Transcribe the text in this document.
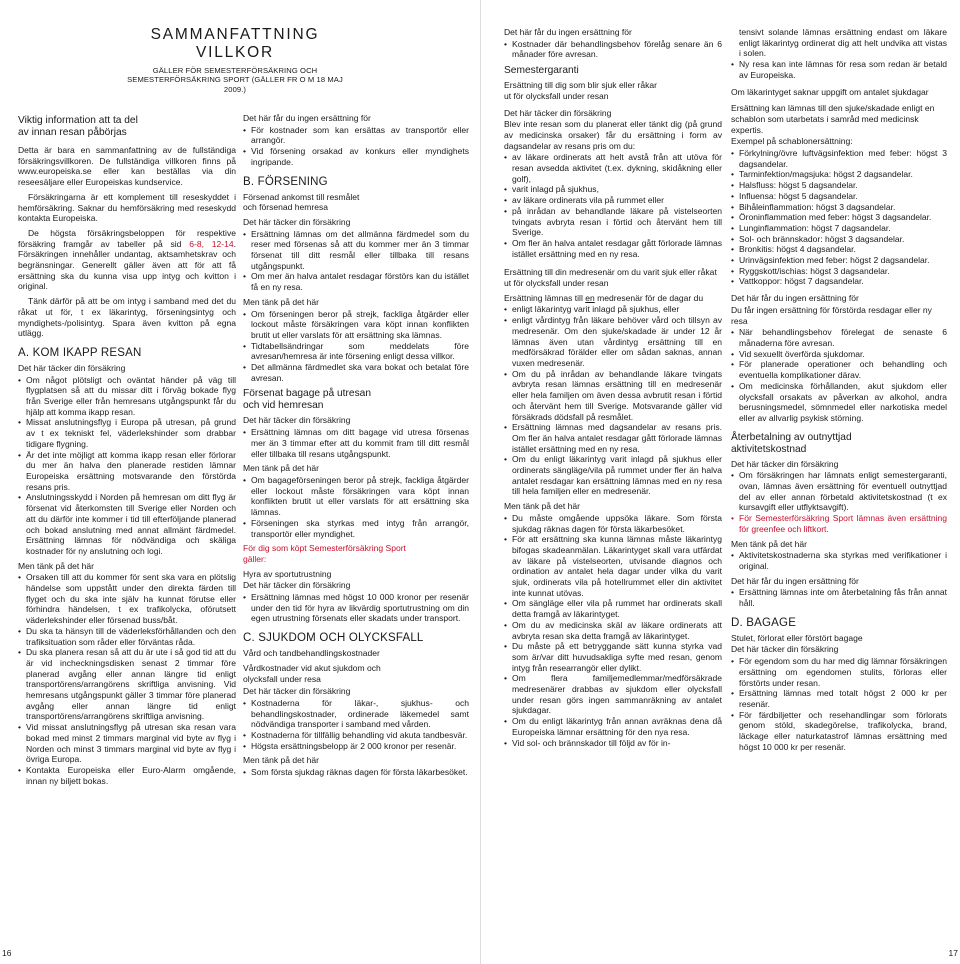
SAMMANFATTNING VILLKOR
GÄLLER FÖR SEMESTERFÖRSÄKRING OCH
SEMESTERFÖRSÄKRING SPORT (GÄLLER FR O M 18 MAJ 2009.)
Viktig information att ta del
av innan resan påbörjas

Detta är bara en sammanfattning av de fullständiga försäkringsvillkoren. De fullständiga villkoren finns på www.europeiska.se eller kan beställas via din reseesäljare eller Europeiskas kundservice.

Försäkringarna är ett komplement till reseskyddet i hemförsäkring. Saknar du hemförsäkring med reseskydd kontakta Europeiska.

De högsta försäkringsbeloppen för respektive försäkring framgår av tabeller på sid 6-8, 12-14. Försäkringen innehåller undantag, aktsamhetskrav och begränsningar. Generellt gäller även att för att få ersättning ska du kunna visa upp intyg och kvitton i original.

Tänk därför på att be om intyg i samband med det du råkat ut för, t ex läkarintyg, förseningsintyg och myndighets-/polisintyg. Spara även kvitton på egna utlägg.

A. KOM IKAPP RESAN

Det här täcker din försäkring

• Om något plötsligt och oväntat händer på väg till flygplatsen så att du missar ditt i förväg bokade flyg från Sverige eller från hemresans utgångspunkt får du hjälp att komma ikapp resan.
• Missat anslutningsflyg i Europa på utresan, på grund av t ex tekniskt fel, väderlekshinder som drabbar tidigare flygning.
• Är det inte möjligt att komma ikapp resan eller förlorar du mer än halva den planerade restiden lämnar Europeiska ersättning motsvarande den förstörda resans pris.
• Anslutningsskydd i Norden på hemresan om ditt flyg är försenat vid återkomsten till Sverige eller Norden och att du därför inte kommer i tid till efterföljande planerad och bokad anslutning med annat allmänt färdmedel. Ersättning lämnas för nödvändiga och skäliga kostnader för ny anslutning och logi.

Men tänk på det här

• Orsaken till att du kommer för sent ska vara en plötslig händelse som uppstått under den direkta färden till flyget och du ska inte själv ha kunnat förutse eller förhindra händelsen, t ex trafikolycka, oförutsett väderlekshinder eller försenad buss/båt.
• Du ska ta hänsyn till de väderleksförhållanden och den trafiksituation som råder eller förväntas råda.
• Du ska planera resan så att du är ute i så god tid att du är vid incheckningsdisken senast 2 timmar före planerad avgång eller annan längre tid enligt transportörens/arrangörens skriftliga anvisning. Vid hemresans utgångspunkt gäller 3 timmar före planerad avgång eller annan längre tid enligt transportörens/arrangörens skriftliga anvisning.
• Vid missat anslutningsflyg på utresan ska resan vara bokad med minst 2 timmars marginal vid byte av flyg i Norden och minst 3 timmars marginal vid byte av flyg i övriga Europa.
• Kontakta Europeiska eller Euro-Alarm omgående, innan ny biljett bokas.

Det här får du ingen ersättning för

• För kostnader som kan ersättas av transportör eller arrangör.
• Vid försening orsakad av konkurs eller myndighets ingripande.
B. FÖRSENING

Försenad ankomst till resmålet

och försenad hemresa

Det här täcker din försäkring

• Ersättning lämnas om det allmänna färdmedel som du reser med försenas så att du kommer mer än 3 timmar försenat till ditt resmål eller tillbaka till resans utgångspunkt.
• Om mer än halva antalet resdagar förstörs kan du istället få en ny resa.

Men tänk på det här

• Om förseningen beror på strejk, fackliga åtgärder eller lockout måste försäkringen vara köpt innan konflikten brutit ut eller varslats för att ersättning ska lämnas.
• Tidtabellsändringar som meddelats före avresan/hemresa är inte försening enligt dessa villkor.
• Det allmänna färdmedlet ska vara bokat och betalat före avresan.
Försenat bagage på utresan
och vid hemresan

Det här täcker din försäkring

• Ersättning lämnas om ditt bagage vid utresa försenas mer än 3 timmar efter att du kommit fram till ditt resmål eller tillbaka till resans utgångspunkt.

Men tänk på det här

• Om bagageförseningen beror på strejk, fackliga åtgärder eller lockout måste försäkringen vara köpt innan konflikten brutit ut eller varslats för att ersättning ska lämnas.
• Förseningen ska styrkas med intyg från arrangör, transportör eller myndighet.

För dig som köpt Semesterförsäkring Sport

gäller:

Hyra av sportutrustning

Det här täcker din försäkring

• Ersättning lämnas med högst 10 000 kronor per resenär under den tid för hyra av likvärdig sportutrustning om din egen utrustning försenats eller skadats under transport.
C. SJUKDOM OCH OLYCKSFALL

Vård och tandbehandlingskostnader

Vårdkostnader vid akut sjukdom och

olycksfall under resa

Det här täcker din försäkring

• Kostnaderna för läkar-, sjukhus- och behandlingskostnader, ordinerade läkemedel samt nödvändiga transporter i samband med vården.
• Kostnaderna för tillfällig behandling vid akuta tandbesvär.
• Högsta ersättningsbelopp är 2 000 kronor per resenär.

Men tänk på det här

• Som första sjukdag räknas dagen för första läkarbesöket.

Det här får du ingen ersättning för

• Kostnader där behandlingsbehov förelåg senare än 6 månader före avresan.
Semestergaranti

Ersättning till dig som blir sjuk eller råkar

ut för olycksfall under resan

Det här täcker din försäkring

Blev inte resan som du planerat eller tänkt dig (på grund av medicinska orsaker) får du ersättning i form av dagsandelar av resans pris om du:

• av läkare ordinerats att helt avstå från att utöva för resan avsedda aktivitet (t.ex. dykning, skidåkning eller golf),
• varit inlagd på sjukhus,
• av läkare ordinerats vila på rummet eller
• på inrådan av behandlande läkare på vistelseorten tvingats avbryta resan i förtid och återvänt hem till Sverige.
• Om fler än halva antalet resdagar gått förlorade lämnas istället ersättning med en ny resa.

Ersättning till din medresenär om du varit sjuk eller råkat ut för olycksfall under resan

Ersättning lämnas till en medresenär för de dagar du

• enligt läkarintyg varit inlagd på sjukhus, eller
• enligt vårdintyg från läkare behöver vård och tillsyn av medresenär. Om den sjuke/skadade är under 12 år lämnas även utan vårdintyg ersättning till en medförsäkrad förälder eller om sådan saknas, annan vuxen medresenär.
• Om du på inrådan av behandlande läkare tvingats avbryta resan lämnas ersättning till en medresenär eller hela familjen om även dessa avbrutit resan i förtid och återvänt hem till Sverige. Motsvarande gäller vid försäkrads dödsfall på resmålet.
• Ersättning lämnas med dagsandelar av resans pris. Om fler än halva antalet resdagar gått förlorade lämnas istället ersättning med en ny resa.
• Om du enligt läkarintyg varit inlagd på sjukhus eller ordinerats sängläge/vila på rummet under fler än halva antalet resdagar kan ersättning lämnas med en ny resa till hela familjen eller en medresenär.

Men tänk på det här

• Du måste omgående uppsöka läkare. Som första sjukdag räknas dagen för första läkarbesöket.
• För att ersättning ska kunna lämnas måste läkarintyg bifogas skadeanmälan. Läkarintyget skall vara utfärdat av läkare på vistelseorten, utvisande diagnos och ordination av antalet hela dagar under vilka du varit sjuk, ordinerats vila på hotellrummet eller din aktivitet inte kunnat utövas.
• Om sängläge eller vila på rummet har ordinerats skall detta framgå av läkarintyget.
• Om du av medicinska skäl av läkare ordinerats att avbryta resan ska detta framgå av läkarintyget.
• Du måste på ett betryggande sätt kunna styrka vad som är/var ditt huvudsakliga syfte med resan, genom intyg från researrangör eller dylikt.
• Om flera familjemedlemmar/medförsäkrade medresenärer drabbas av sjukdom eller olycksfall under resan görs ingen sammanräkning av antalet sjukdagar.
• Om du enligt läkarintyg från annan avräknas dena då Europeiska lämnar ersättning för den nya resa.
• Vid sol- och brännskador till följd av för in-

tensivt solande lämnas ersättning endast om läkare enligt läkarintyg ordinerat dig att helt undvika att vistas i solen.

• Ny resa kan inte lämnas för resa som redan är betald av Europeiska.

Om läkarintyget saknar uppgift om antalet sjukdagar

Ersättning kan lämnas till den sjuke/skadade enligt en schablon som utarbetats i samråd med medicinsk expertis.

Exempel på schablonersättning:

• Förkylning/övre luftvägsinfektion med feber: högst 3 dagsandelar.
• Tarminfektion/magsjuka: högst 2 dagsandelar.
• Halsfluss: högst 5 dagsandelar.
• Influensa: högst 5 dagsandelar.
• Bihåleinflammation: högst 3 dagsandelar.
• Öroninflammation med feber: högst 3 dagsandelar.
• Lunginflammation: högst 7 dagsandelar.
• Sol- och brännskador: högst 3 dagsandelar.
• Bronkitis: högst 4 dagsandelar.
• Urinvägsinfektion med feber: högst 2 dagsandelar.
• Ryggskott/ischias: högst 3 dagsandelar.
• Vattkoppor: högst 7 dagsandelar.

Det här får du ingen ersättning för

Du får ingen ersättning för förstörda resdagar eller ny resa

• När behandlingsbehov förelegat de senaste 6 månaderna före avresan.
• Vid sexuellt överförda sjukdomar.
• För planerade operationer och behandling och eventuella komplikationer därav.
• Om medicinska förhållanden, akut sjukdom eller olycksfall orsakats av påverkan av alkohol, andra berusningsmedel, sömnmedel eller narkotiska medel eller av allvarlig psykisk störning.
Återbetalning av outnyttjad
aktivitetskostnad

Det här täcker din försäkring

• Om försäkringen har lämnats enligt semestergaranti, ovan, lämnas även ersättning för eventuell outnyttjad del av eller annan förbetald aktivitetskostnad (t ex kursavgift eller utflyktsavgift).
• För Semesterförsäkring Sport lämnas även ersättning för greenfee och liftkort.

Men tänk på det här

• Aktivitetskostnaderna ska styrkas med verifikationer i original.

Det här får du ingen ersättning för

• Ersättning lämnas inte om återbetalning fås från annat håll.
D. BAGAGE

Stulet, förlorat eller förstört bagage

Det här täcker din försäkring

• För egendom som du har med dig lämnar försäkringen ersättning om egendomen stulits, förloras eller förstörts under resan.
• Ersättning lämnas med totalt högst 2 000 kr per resenär.
• För färdbiljetter och resehandlingar som förlorats genom stöld, skadegörelse, trafikolycka, brand, läckage eller naturkatastrof lämnas ersättning med högst 10 000 kr per resenär.
16	17
